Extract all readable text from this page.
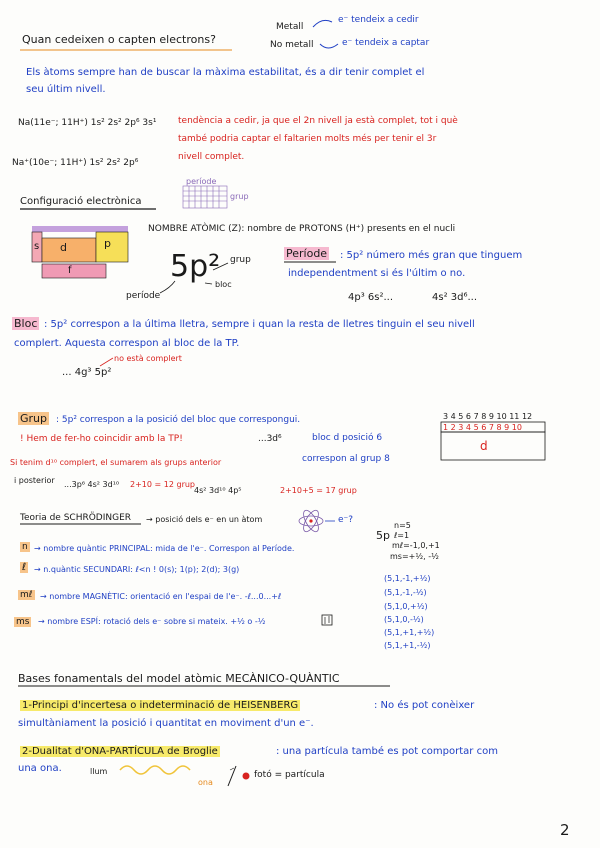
Quan cedeixen o capten electrons?
Metall
e⁻ tendeix a cedir
No metall	e⁻ tendeix a captar
Els àtoms sempre han de buscar la màxima estabilitat, és a dir tenir complet el
seu últim nivell.
Na(11e⁻; 11H⁺) 1s² 2s² 2p⁶ 3s¹
Na⁺(10e⁻; 11H⁺) 1s² 2s² 2p⁶
tendència a cedir, ja que el 2n nivell ja està complet, tot i què
també podria captar el faltarien molts més per tenir el 3r
nivell complet.
Configuració electrònica
període
grup
s d	p
f
NOMBRE ATÒMIC (Z): nombre de PROTONS (H⁺) presents en el nucli
5p² grup
bloc
període
Període : 5p² número més gran que tinguem
independentment si és l'últim o no.
4p³ 6s²...	4s² 3d⁶...
Bloc : 5p² correspon a la última lletra, sempre i quan la resta de lletres tinguin el seu nivell
complert. Aquesta correspon al bloc de la TP.
no està complert
... 4g³ 5p²
Grup : 5p² correspon a la posició del bloc que correspongui.
! Hem de fer-ho coincidir amb la TP!	...3d⁶
Si tenim d¹⁰ complert, el sumarem als grups anterior
i posterior ...3p⁶ 4s² 3d¹⁰ 2+10 = 12 grup
4s² 3d¹⁰ 4p⁵	2+10+5 = 17 grup
bloc d posició 6
correspon al grup 8
3 4 5 6 7 8 9 10 11 12
1 2 3 4 5 6 7 8 9 10
d
Teoria de SCHRÖDINGER → posició dels e⁻ en un àtom	e⁻?
n → nombre quàntic PRINCIPAL: mida de l'e⁻. Correspon al Període.
ℓ → n.quàntic SECUNDARI: ℓ<n ! 0(s); 1(p); 2(d); 3(g)
mℓ → nombre MAGNÈTIC: orientació en l'espai de l'e⁻. -ℓ...0...+ℓ
ms → nombre ESPÍ: rotació dels e⁻ sobre si mateix. +½ o -½
5p
n=5
ℓ=1
mℓ=-1,0,+1
ms=+½, -½
(5,1,-1,+½)
(5,1,-1,-½)
(5,1,0,+½)
(5,1,0,-½)
(5,1,+1,+½)
(5,1,+1,-½)
Bases fonamentals del model atòmic MECÀNICO-QUÀNTIC
1-Principi d'incertesa o indeterminació de HEISENBERG	: No és pot conèixer
simultàniament la posició i quantitat en moviment d'un e⁻.
2-Dualitat d'ONA-PARTÍCULA de Broglie	: una partícula també es pot comportar com
una ona.	llum
ona
fotó = partícula
2
